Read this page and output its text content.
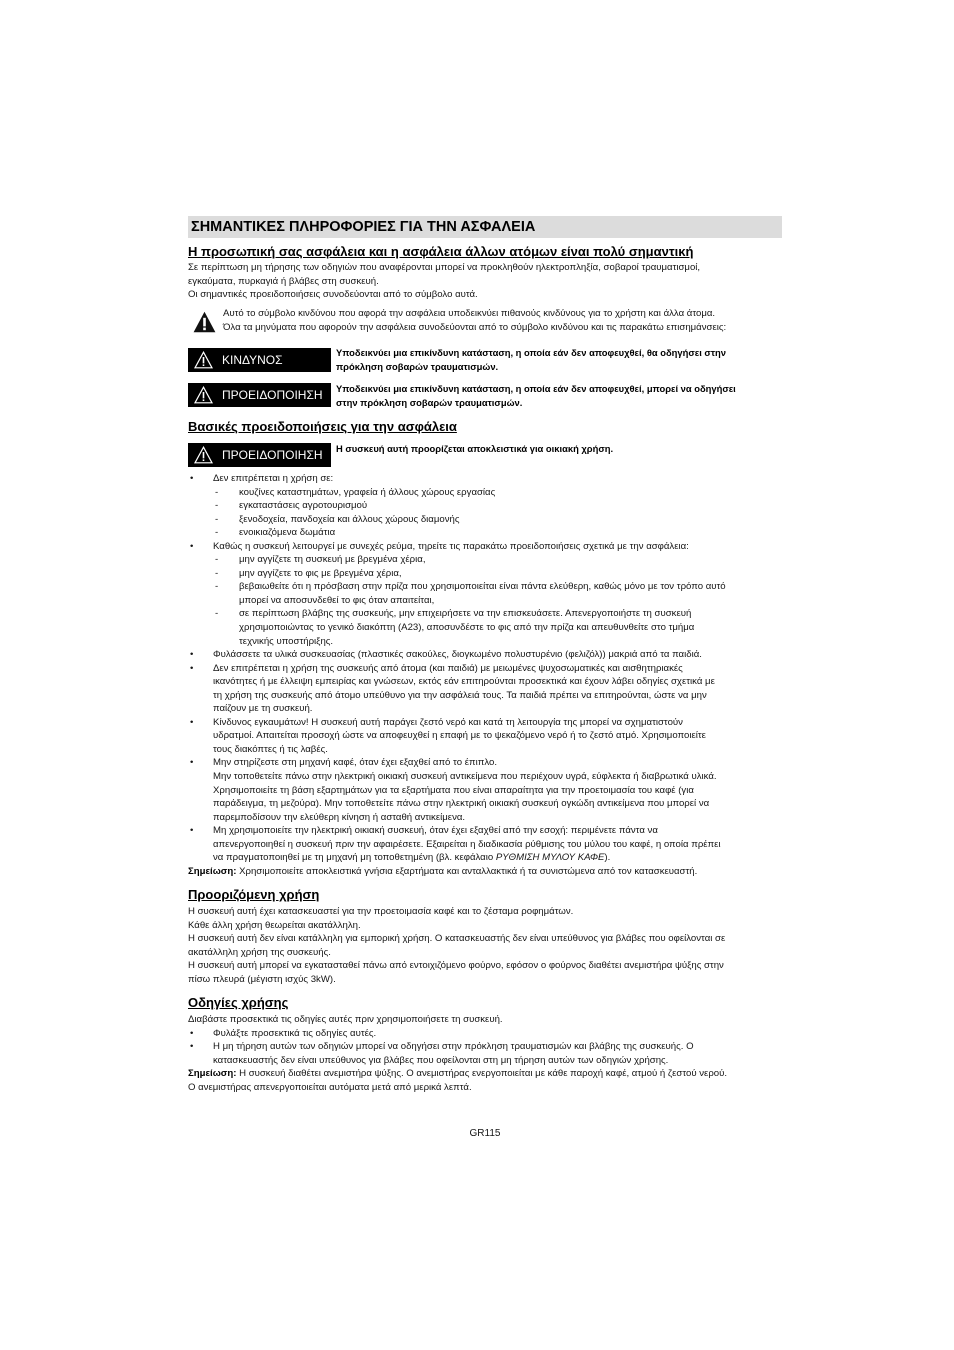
ΣΗΜΑΝΤΙΚΕΣ ΠΛΗΡΟΦΟΡΙΕΣ ΓΙΑ ΤΗΝ ΑΣΦΑΛΕΙΑ
Η προσωπική σας ασφάλεια και η ασφάλεια άλλων ατόμων είναι πολύ σημαντική
Σε περίπτωση μη τήρησης των οδηγιών που αναφέρονται μπορεί να προκληθούν ηλεκτροπληξία, σοβαροί τραυματισμοί,
εγκαύματα, πυρκαγιά ή βλάβες στη συσκευή.
Οι σημαντικές προειδοποιήσεις συνοδεύονται από το σύμβολο αυτά.
Αυτό το σύμβολο κινδύνου που αφορά την ασφάλεια υποδεικνύει πιθανούς κινδύνους για το χρήστη και άλλα άτομα.
Όλα τα μηνύματα που αφορούν την ασφάλεια συνοδεύονται από το σύμβολο κινδύνου και τις παρακάτω επισημάνσεις:
ΚΙΝΔΥΝΟΣ
Υποδεικνύει μια επικίνδυνη κατάσταση, η οποία εάν δεν αποφευχθεί, θα οδηγήσει στην
πρόκληση σοβαρών τραυματισμών.
ΠΡΟΕΙΔΟΠΟΙΗΣΗ Υποδεικνύει μια επικίνδυνη κατάσταση, η οποία εάν δεν αποφευχθεί, μπορεί να οδηγήσει
στην πρόκληση σοβαρών τραυματισμών.
Βασικές προειδοποιήσεις για την ασφάλεια
ΠΡΟΕΙΔΟΠΟΙΗΣΗ Η συσκευή αυτή προορίζεται αποκλειστικά για οικιακή χρήση.
• Δεν επιτρέπεται η χρήση σε:
- κουζίνες καταστημάτων, γραφεία ή άλλους χώρους εργασίας
- εγκαταστάσεις αγροτουρισμού
- ξενοδοχεία, πανδοχεία και άλλους χώρους διαμονής
- ενοικιαζόμενα δωμάτια
• Καθώς η συσκευή λειτουργεί με συνεχές ρεύμα, τηρείτε τις παρακάτω προειδοποιήσεις σχετικά με την ασφάλεια:
- μην αγγίζετε τη συσκευή με βρεγμένα χέρια,
- μην αγγίζετε το φις με βρεγμένα χέρια,
- βεβαιωθείτε ότι η πρόσβαση στην πρίζα που χρησιμοποιείται είναι πάντα ελεύθερη, καθώς μόνο με τον τρόπο αυτό
μπορεί να αποσυνδεθεί το φις όταν απαιτείται,
- σε περίπτωση βλάβης της συσκευής, μην επιχειρήσετε να την επισκευάσετε. Απενεργοποιήστε τη συσκευή
χρησιμοποιώντας το γενικό διακόπτη (A23), αποσυνδέστε το φις από την πρίζα και απευθυνθείτε στο τμήμα
τεχνικής υποστήριξης.
• Φυλάσσετε τα υλικά συσκευασίας (πλαστικές σακούλες, διογκωμένο πολυστυρένιο (φελιζόλ)) μακριά από τα παιδιά.
• Δεν επιτρέπεται η χρήση της συσκευής από άτομα (και παιδιά) με μειωμένες ψυχοσωματικές και αισθητηριακές
ικανότητες ή με έλλειψη εμπειρίας και γνώσεων, εκτός εάν επιτηρούνται προσεκτικά και έχουν λάβει οδηγίες σχετικά με
τη χρήση της συσκευής από άτομο υπεύθυνο για την ασφάλειά τους. Τα παιδιά πρέπει να επιτηρούνται, ώστε να μην
παίζουν με τη συσκευή.
• Κίνδυνος εγκαυμάτων! Η συσκευή αυτή παράγει ζεστό νερό και κατά τη λειτουργία της μπορεί να σχηματιστούν
υδρατμοί. Απαιτείται προσοχή ώστε να αποφευχθεί η επαφή με το ψεκαζόμενο νερό ή το ζεστό ατμό. Χρησιμοποιείτε
τους διακόπτες ή τις λαβές.
• Μην στηρίζεστε στη μηχανή καφέ, όταν έχει εξαχθεί από το έπιπλο.
Μην τοποθετείτε πάνω στην ηλεκτρική οικιακή συσκευή αντικείμενα που περιέχουν υγρά, εύφλεκτα ή διαβρωτικά υλικά.
Χρησιμοποιείτε τη βάση εξαρτημάτων για τα εξαρτήματα που είναι απαραίτητα για την προετοιμασία του καφέ (για
παράδειγμα, τη μεζούρα). Μην τοποθετείτε πάνω στην ηλεκτρική οικιακή συσκευή ογκώδη αντικείμενα που μπορεί να
παρεμποδίσουν την ελεύθερη κίνηση ή ασταθή αντικείμενα.
• Μη χρησιμοποιείτε την ηλεκτρική οικιακή συσκευή, όταν έχει εξαχθεί από την εσοχή: περιμένετε πάντα να
απενεργοποιηθεί η συσκευή πριν την αφαιρέσετε. Εξαιρείται η διαδικασία ρύθμισης του μύλου του καφέ, η οποία πρέπει
να πραγματοποιηθεί με τη μηχανή μη τοποθετημένη (βλ. κεφάλαιο ΡΥΘΜΙΣΗ ΜΥΛΟΥ ΚΑΦΕ).
Σημείωση: Χρησιμοποιείτε αποκλειστικά γνήσια εξαρτήματα και ανταλλακτικά ή τα συνιστώμενα από τον κατασκευαστή.
Προοριζόμενη χρήση
Η συσκευή αυτή έχει κατασκευαστεί για την προετοιμασία καφέ και το ζέσταμα ροφημάτων.
Κάθε άλλη χρήση θεωρείται ακατάλληλη.
Η συσκευή αυτή δεν είναι κατάλληλη για εμπορική χρήση. Ο κατασκευαστής δεν είναι υπεύθυνος για βλάβες που οφείλονται σε
ακατάλληλη χρήση της συσκευής.
Η συσκευή αυτή μπορεί να εγκατασταθεί πάνω από εντοιχιζόμενο φούρνο, εφόσον ο φούρνος διαθέτει ανεμιστήρα ψύξης στην
πίσω πλευρά (μέγιστη ισχύς 3kW).
Οδηγίες χρήσης
Διαβάστε προσεκτικά τις οδηγίες αυτές πριν χρησιμοποιήσετε τη συσκευή.
• Φυλάξτε προσεκτικά τις οδηγίες αυτές.
• Η μη τήρηση αυτών των οδηγιών μπορεί να οδηγήσει στην πρόκληση τραυματισμών και βλάβης της συσκευής. Ο
κατασκευαστής δεν είναι υπεύθυνος για βλάβες που οφείλονται στη μη τήρηση αυτών των οδηγιών χρήσης.
Σημείωση: Η συσκευή διαθέτει ανεμιστήρα ψύξης. Ο ανεμιστήρας ενεργοποιείται με κάθε παροχή καφέ, ατμού ή ζεστού νερού.
Ο ανεμιστήρας απενεργοποιείται αυτόματα μετά από μερικά λεπτά.
GR115
